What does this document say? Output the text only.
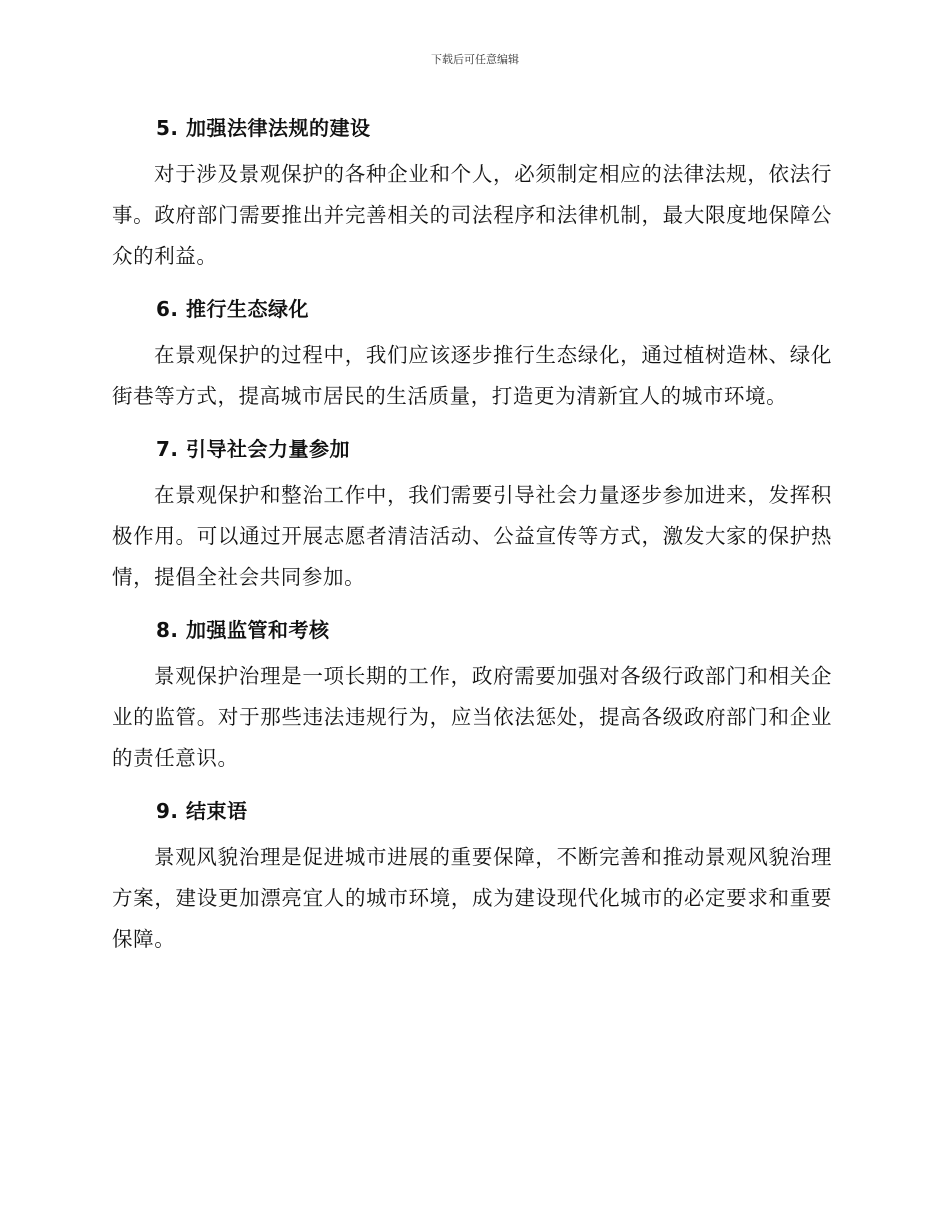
下载后可任意编辑
5. 加强法律法规的建设

对于涉及景观保护的各种企业和个人，必须制定相应的法律法规，依法行事。政府部门需要推出并完善相关的司法程序和法律机制，最大限度地保障公众的利益。

6. 推行生态绿化

在景观保护的过程中，我们应该逐步推行生态绿化，通过植树造林、绿化街巷等方式，提高城市居民的生活质量，打造更为清新宜人的城市环境。

7. 引导社会力量参加

在景观保护和整治工作中，我们需要引导社会力量逐步参加进来，发挥积极作用。可以通过开展志愿者清洁活动、公益宣传等方式，激发大家的保护热情，提倡全社会共同参加。

8. 加强监管和考核

景观保护治理是一项长期的工作，政府需要加强对各级行政部门和相关企业的监管。对于那些违法违规行为，应当依法惩处，提高各级政府部门和企业的责任意识。

9. 结束语

景观风貌治理是促进城市进展的重要保障，不断完善和推动景观风貌治理方案，建设更加漂亮宜人的城市环境，成为建设现代化城市的必定要求和重要保障。
